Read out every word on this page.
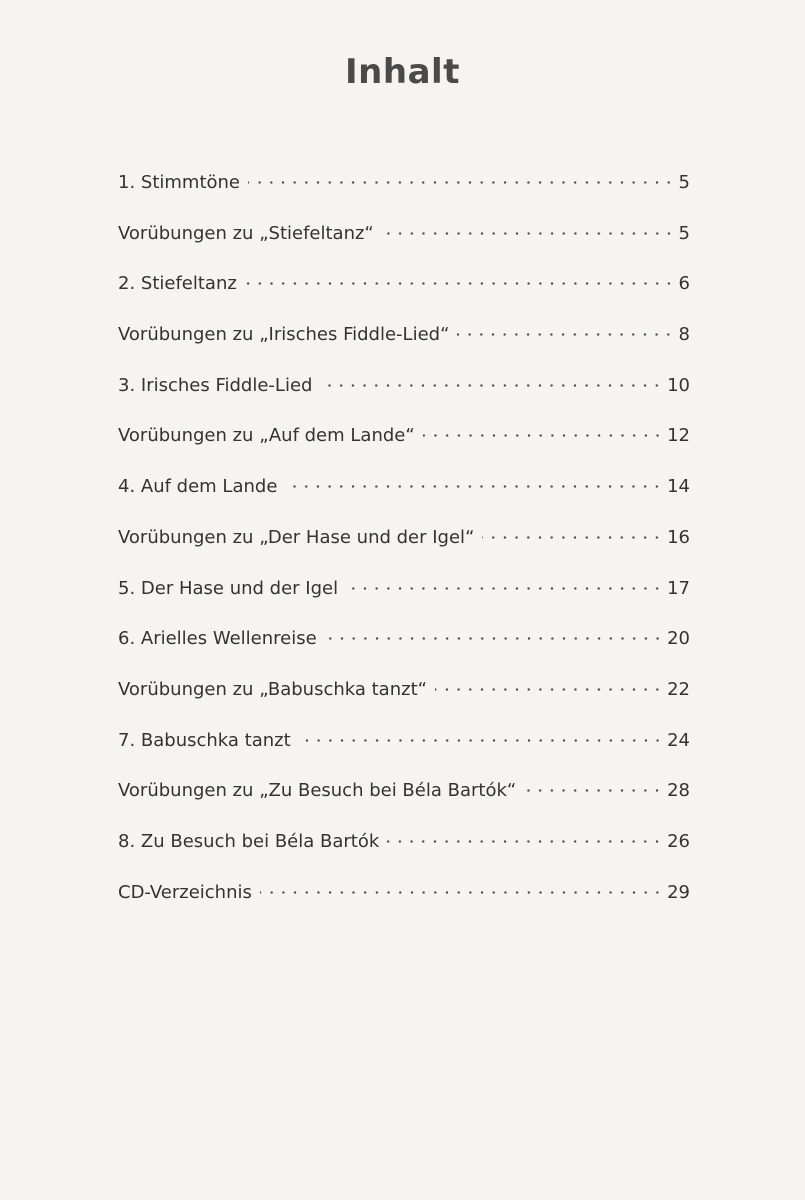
Inhalt
1. Stimmtöne	5
Vorübungen zu „Stiefeltanz“	5
2. Stiefeltanz	6
Vorübungen zu „Irisches Fiddle-Lied“	8
3. Irisches Fiddle-Lied	10
Vorübungen zu „Auf dem Lande“	12
4. Auf dem Lande	14
Vorübungen zu „Der Hase und der Igel“	16
5. Der Hase und der Igel	17
6. Arielles Wellenreise	20
Vorübungen zu „Babuschka tanzt“	22
7. Babuschka tanzt	24
Vorübungen zu „Zu Besuch bei Béla Bartók“	28
8. Zu Besuch bei Béla Bartók	26
CD-Verzeichnis	29
